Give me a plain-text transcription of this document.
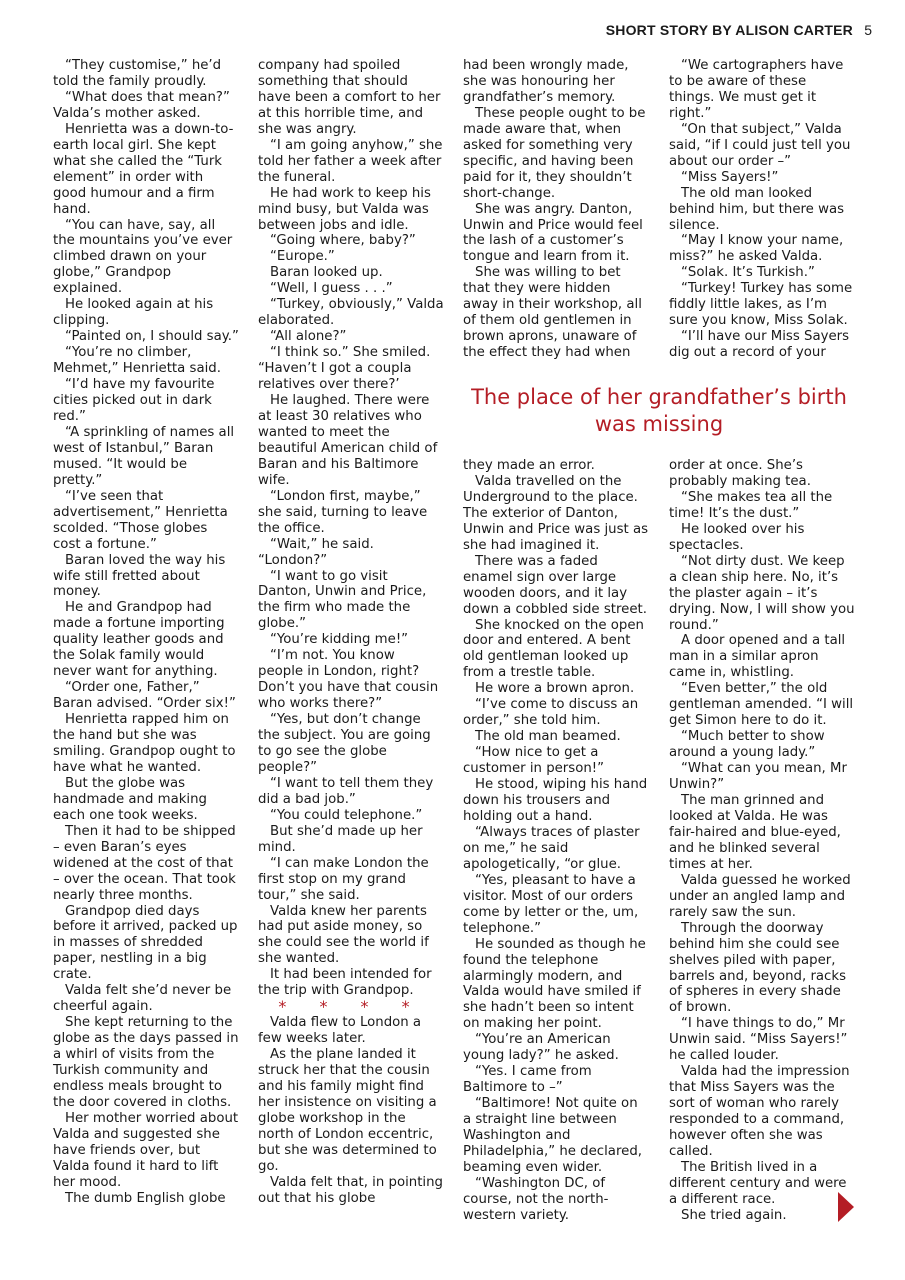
SHORT STORY BY ALISON CARTER 5

“They customise,” he’d told the family proudly.

“What does that mean?” Valda’s mother asked.

Henrietta was a down-to-earth local girl. She kept what she called the “Turk element” in order with good humour and a firm hand.

“You can have, say, all the mountains you’ve ever climbed drawn on your globe,” Grandpop explained.

He looked again at his clipping.

“Painted on, I should say.”

“You’re no climber, Mehmet,” Henrietta said.

“I’d have my favourite cities picked out in dark red.”

“A sprinkling of names all west of Istanbul,” Baran mused. “It would be pretty.”

“I’ve seen that advertisement,” Henrietta scolded. “Those globes cost a fortune.”

Baran loved the way his wife still fretted about money.

He and Grandpop had made a fortune importing quality leather goods and the Solak family would never want for anything.

“Order one, Father,” Baran advised. “Order six!”

Henrietta rapped him on the hand but she was smiling. Grandpop ought to have what he wanted.

But the globe was handmade and making each one took weeks.

Then it had to be shipped – even Baran’s eyes widened at the cost of that – over the ocean. That took nearly three months.

Grandpop died days before it arrived, packed up in masses of shredded paper, nestling in a big crate.

Valda felt she’d never be cheerful again.

She kept returning to the globe as the days passed in a whirl of visits from the Turkish community and endless meals brought to the door covered in cloths.

Her mother worried about Valda and suggested she have friends over, but Valda found it hard to lift her mood.

The dumb English globe

company had spoiled something that should have been a comfort to her at this horrible time, and she was angry.

“I am going anyhow,” she told her father a week after the funeral.

He had work to keep his mind busy, but Valda was between jobs and idle.

“Going where, baby?”

“Europe.”

Baran looked up.

“Well, I guess . . .”

“Turkey, obviously,” Valda elaborated.

“All alone?”

“I think so.” She smiled. “Haven’t I got a coupla relatives over there?’

He laughed. There were at least 30 relatives who wanted to meet the beautiful American child of Baran and his Baltimore wife.

“London first, maybe,” she said, turning to leave the office.

“Wait,” he said. “London?”

“I want to go visit Danton, Unwin and Price, the firm who made the globe.”

“You’re kidding me!”

“I’m not. You know people in London, right? Don’t you have that cousin who works there?”

“Yes, but don’t change the subject. You are going to go see the globe people?”

“I want to tell them they did a bad job.”

“You could telephone.”

But she’d made up her mind.

“I can make London the first stop on my grand tour,” she said.

Valda knew her parents had put aside money, so she could see the world if she wanted.

It had been intended for the trip with Grandpop.

* * * *

Valda flew to London a few weeks later.

As the plane landed it struck her that the cousin and his family might find her insistence on visiting a globe workshop in the north of London eccentric, but she was determined to go.

Valda felt that, in pointing out that his globe

had been wrongly made, she was honouring her grandfather’s memory.

These people ought to be made aware that, when asked for something very specific, and having been paid for it, they shouldn’t short-change.

She was angry. Danton, Unwin and Price would feel the lash of a customer’s tongue and learn from it.

She was willing to bet that they were hidden away in their workshop, all of them old gentlemen in brown aprons, unaware of the effect they had when

“We cartographers have to be aware of these things. We must get it right.”

“On that subject,” Valda said, “if I could just tell you about our order –”

“Miss Sayers!”

The old man looked behind him, but there was silence.

“May I know your name, miss?” he asked Valda.

“Solak. It’s Turkish.”

“Turkey! Turkey has some fiddly little lakes, as I’m sure you know, Miss Solak.

“I’ll have our Miss Sayers dig out a record of your

The place of her grandfather’s birth was missing

they made an error.

Valda travelled on the Underground to the place. The exterior of Danton, Unwin and Price was just as she had imagined it.

There was a faded enamel sign over large wooden doors, and it lay down a cobbled side street.

She knocked on the open door and entered. A bent old gentleman looked up from a trestle table.

He wore a brown apron.

“I’ve come to discuss an order,” she told him.

The old man beamed.

“How nice to get a customer in person!”

He stood, wiping his hand down his trousers and holding out a hand.

“Always traces of plaster on me,” he said apologetically, “or glue.

“Yes, pleasant to have a visitor. Most of our orders come by letter or the, um, telephone.”

He sounded as though he found the telephone alarmingly modern, and Valda would have smiled if she hadn’t been so intent on making her point.

“You’re an American young lady?” he asked.

“Yes. I came from Baltimore to –”

“Baltimore! Not quite on a straight line between Washington and Philadelphia,” he declared, beaming even wider.

“Washington DC, of course, not the north-western variety.

order at once. She’s probably making tea.

“She makes tea all the time! It’s the dust.”

He looked over his spectacles.

“Not dirty dust. We keep a clean ship here. No, it’s the plaster again – it’s drying. Now, I will show you round.”

A door opened and a tall man in a similar apron came in, whistling.

“Even better,” the old gentleman amended. “I will get Simon here to do it.

“Much better to show around a young lady.”

“What can you mean, Mr Unwin?”

The man grinned and looked at Valda. He was fair-haired and blue-eyed, and he blinked several times at her.

Valda guessed he worked under an angled lamp and rarely saw the sun.

Through the doorway behind him she could see shelves piled with paper, barrels and, beyond, racks of spheres in every shade of brown.

“I have things to do,” Mr Unwin said. “Miss Sayers!” he called louder.

Valda had the impression that Miss Sayers was the sort of woman who rarely responded to a command, however often she was called.

The British lived in a different century and were a different race.

She tried again.
